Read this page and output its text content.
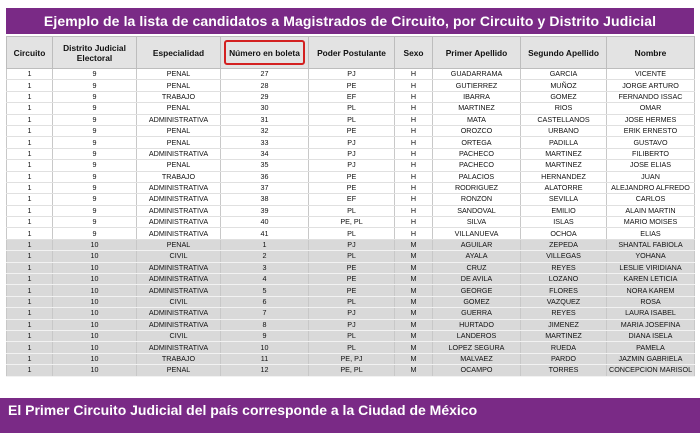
Ejemplo de la lista de candidatos a Magistrados de Circuito, por Circuito y Distrito Judicial
Circuito	Distrito Judicial Electoral	Especialidad	Número en boleta	Poder Postulante	Sexo	Primer Apellido	Segundo Apellido	Nombre
1	9	PENAL	27	PJ	H	GUADARRAMA	GARCIA	VICENTE
1	9	PENAL	28	PE	H	GUTIERREZ	MUÑOZ	JORGE ARTURO
1	9	TRABAJO	29	EF	H	IBARRA	GOMEZ	FERNANDO ISSAC
1	9	PENAL	30	PL	H	MARTINEZ	RIOS	OMAR
1	9	ADMINISTRATIVA	31	PL	H	MATA	CASTELLANOS	JOSE HERMES
1	9	PENAL	32	PE	H	OROZCO	URBANO	ERIK ERNESTO
1	9	PENAL	33	PJ	H	ORTEGA	PADILLA	GUSTAVO
1	9	ADMINISTRATIVA	34	PJ	H	PACHECO	MARTINEZ	FILIBERTO
1	9	PENAL	35	PJ	H	PACHECO	MARTINEZ	JOSE ELIAS
1	9	TRABAJO	36	PE	H	PALACIOS	HERNANDEZ	JUAN
1	9	ADMINISTRATIVA	37	PE	H	RODRIGUEZ	ALATORRE	ALEJANDRO ALFREDO
1	9	ADMINISTRATIVA	38	EF	H	RONZON	SEVILLA	CARLOS
1	9	ADMINISTRATIVA	39	PL	H	SANDOVAL	EMILIO	ALAIN MARTIN
1	9	ADMINISTRATIVA	40	PE, PL	H	SILVA	ISLAS	MARIO MOISES
1	9	ADMINISTRATIVA	41	PL	H	VILLANUEVA	OCHOA	ELIAS
1	10	PENAL	1	PJ	M	AGUILAR	ZEPEDA	SHANTAL FABIOLA
1	10	CIVIL	2	PL	M	AYALA	VILLEGAS	YOHANA
1	10	ADMINISTRATIVA	3	PE	M	CRUZ	REYES	LESLIE VIRIDIANA
1	10	ADMINISTRATIVA	4	PE	M	DE AVILA	LOZANO	KAREN LETICIA
1	10	ADMINISTRATIVA	5	PE	M	GEORGE	FLORES	NORA KAREM
1	10	CIVIL	6	PL	M	GOMEZ	VAZQUEZ	ROSA
1	10	ADMINISTRATIVA	7	PJ	M	GUERRA	REYES	LAURA ISABEL
1	10	ADMINISTRATIVA	8	PJ	M	HURTADO	JIMENEZ	MARIA JOSEFINA
1	10	CIVIL	9	PL	M	LANDEROS	MARTINEZ	DIANA ISELA
1	10	ADMINISTRATIVA	10	PL	M	LOPEZ SEGURA	RUEDA	PAMELA
1	10	TRABAJO	11	PE, PJ	M	MALVAEZ	PARDO	JAZMIN GABRIELA
1	10	PENAL	12	PE, PL	M	OCAMPO	TORRES	CONCEPCION MARISOL
El Primer Circuito Judicial del país corresponde a la Ciudad de México
